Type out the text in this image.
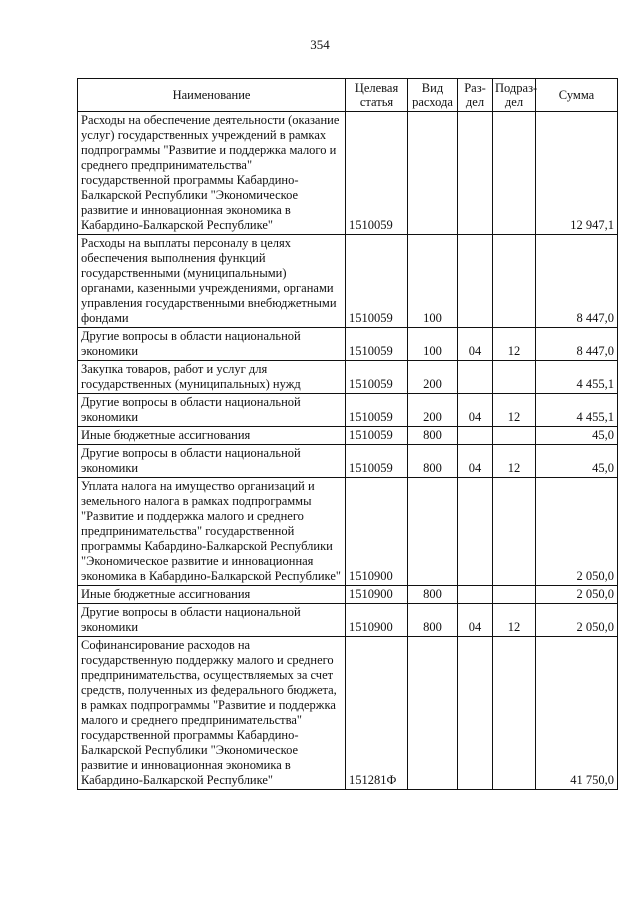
354
Наименование	Целевая статья	Вид расхода	Раз-дел	Подраз-дел	Сумма
Расходы на обеспечение деятельности (оказание услуг) государственных учреждений в рамках подпрограммы "Развитие и поддержка малого и среднего предпринимательства" государственной программы Кабардино-Балкарской Республики "Экономическое развитие и инновационная экономика в Кабардино-Балкарской Республике"	1510059				12 947,1
Расходы на выплаты персоналу в целях обеспечения выполнения функций государственными (муниципальными) органами, казенными учреждениями, органами управления государственными внебюджетными фондами	1510059	100			8 447,0
Другие вопросы в области национальной экономики	1510059	100	04	12	8 447,0
Закупка товаров, работ и услуг для государственных (муниципальных) нужд	1510059	200			4 455,1
Другие вопросы в области национальной экономики	1510059	200	04	12	4 455,1
Иные бюджетные ассигнования	1510059	800			45,0
Другие вопросы в области национальной экономики	1510059	800	04	12	45,0
Уплата налога на имущество организаций и земельного налога в рамках подпрограммы "Развитие и поддержка малого и среднего предпринимательства" государственной программы Кабардино-Балкарской Республики "Экономическое развитие и инновационная экономика в Кабардино-Балкарской Республике"	1510900				2 050,0
Иные бюджетные ассигнования	1510900	800			2 050,0
Другие вопросы в области национальной экономики	1510900	800	04	12	2 050,0
Софинансирование расходов на государственную поддержку малого и среднего предпринимательства, осуществляемых за счет средств, полученных из федерального бюджета, в рамках подпрограммы "Развитие и поддержка малого и среднего предпринимательства" государственной программы Кабардино-Балкарской Республики "Экономическое развитие и инновационная экономика в Кабардино-Балкарской Республике"	151281Ф				41 750,0
